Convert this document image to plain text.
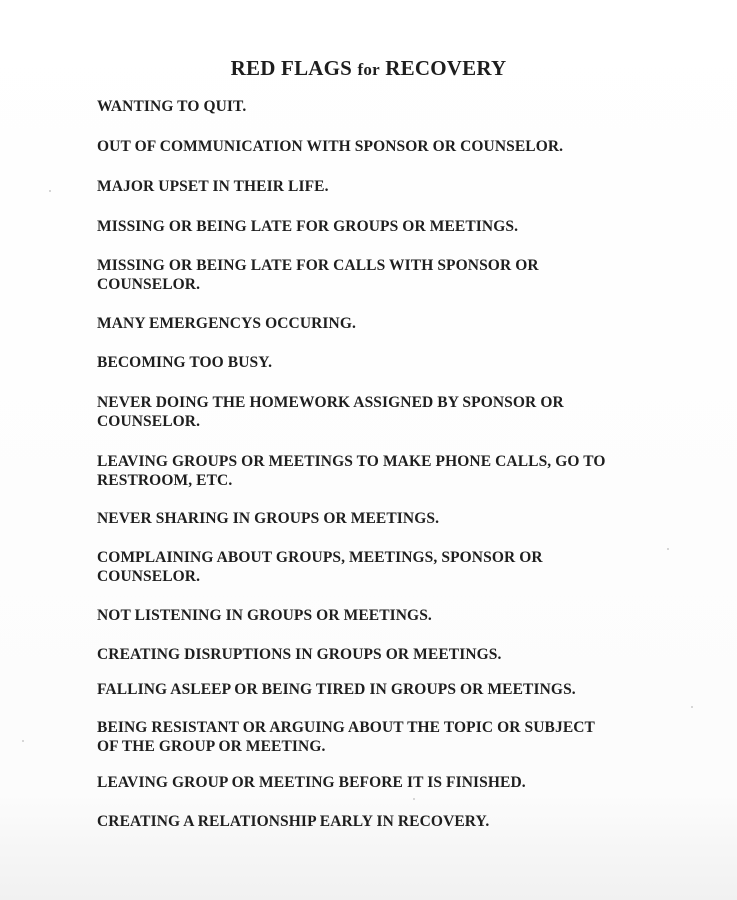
RED FLAGS for RECOVERY

WANTING TO QUIT.

OUT OF COMMUNICATION WITH SPONSOR OR COUNSELOR.

MAJOR UPSET IN THEIR LIFE.

MISSING OR BEING LATE FOR GROUPS OR MEETINGS.

MISSING OR BEING LATE FOR CALLS WITH SPONSOR OR COUNSELOR.

MANY EMERGENCYS OCCURING.

BECOMING TOO BUSY.

NEVER DOING THE HOMEWORK ASSIGNED BY SPONSOR OR COUNSELOR.

LEAVING GROUPS OR MEETINGS TO MAKE PHONE CALLS, GO TO RESTROOM, ETC.

NEVER SHARING IN GROUPS OR MEETINGS.

COMPLAINING ABOUT GROUPS, MEETINGS, SPONSOR OR COUNSELOR.

NOT LISTENING IN GROUPS OR MEETINGS.

CREATING DISRUPTIONS IN GROUPS OR MEETINGS.

FALLING ASLEEP OR BEING TIRED IN GROUPS OR MEETINGS.

BEING RESISTANT OR ARGUING ABOUT THE TOPIC OR SUBJECT OF THE GROUP OR MEETING.

LEAVING GROUP OR MEETING BEFORE IT IS FINISHED.

CREATING A RELATIONSHIP EARLY IN RECOVERY.
